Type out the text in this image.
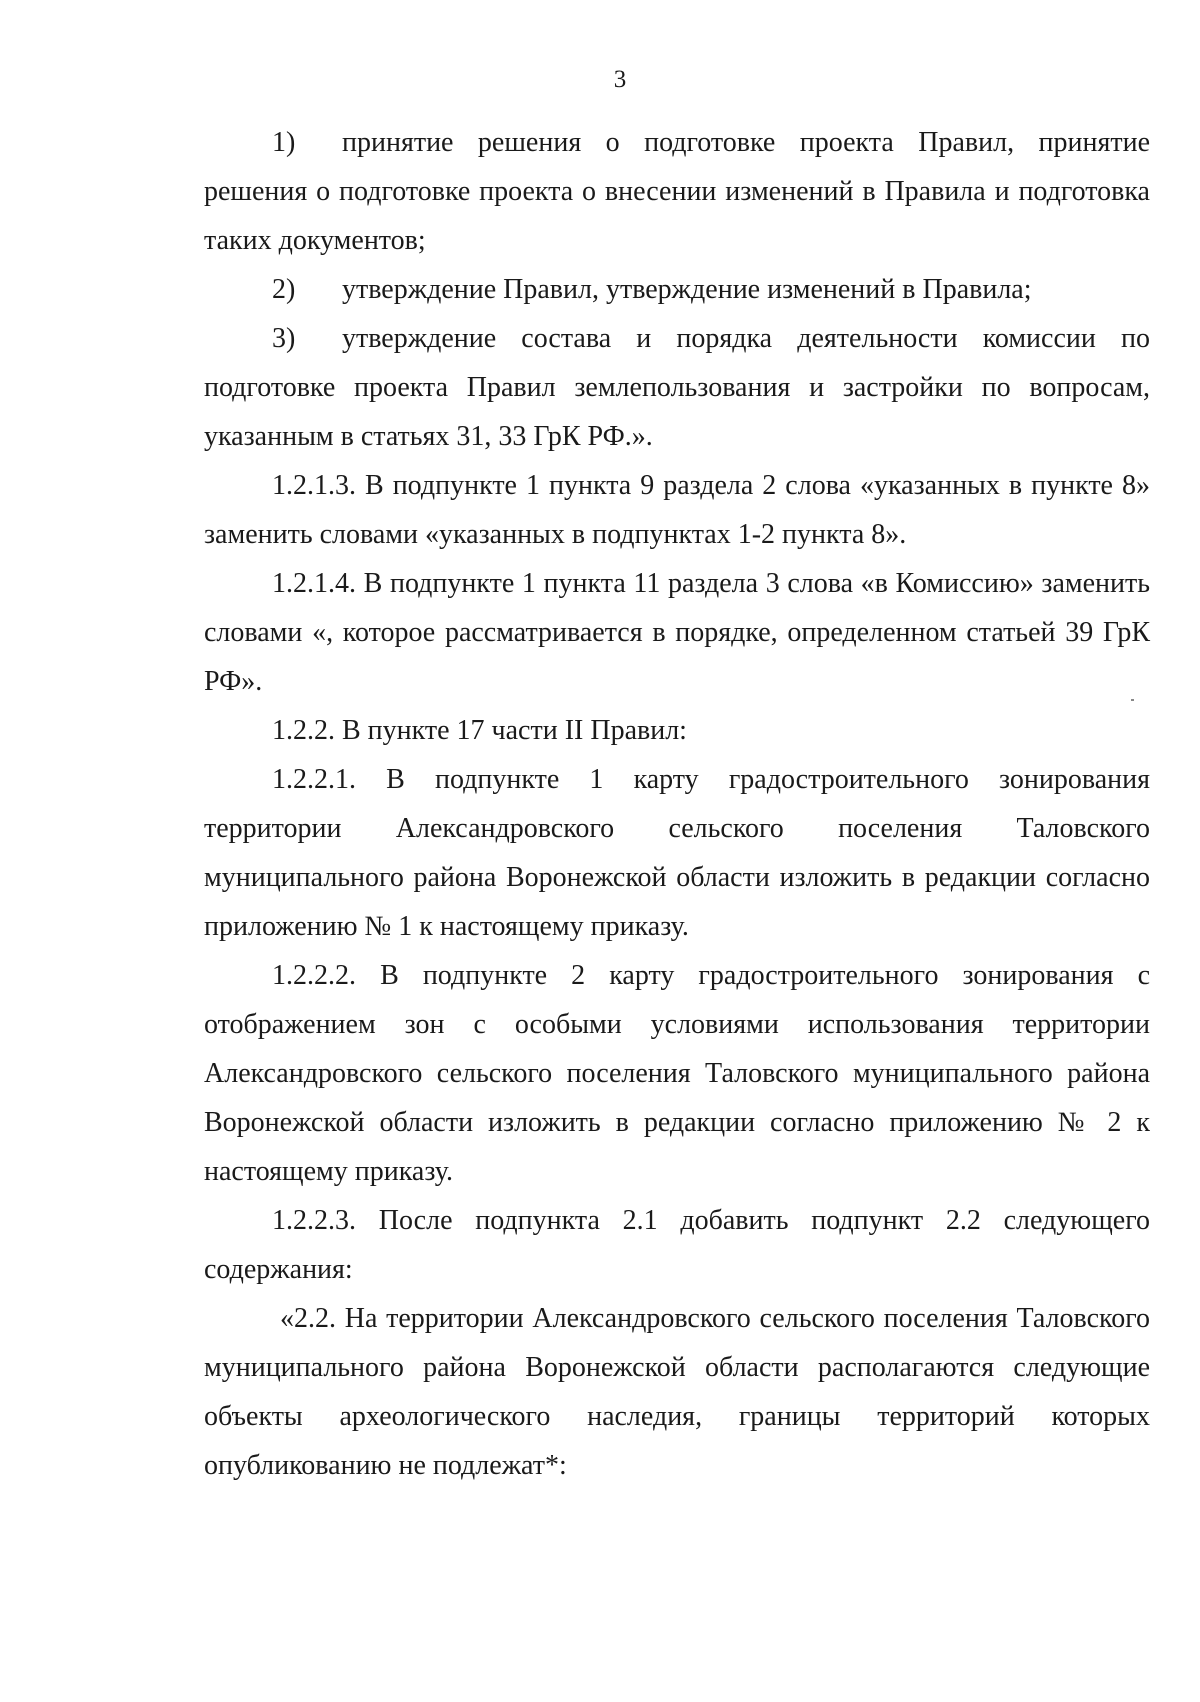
3

1) принятие решения о подготовке проекта Правил, принятие решения о подготовке проекта о внесении изменений в Правила и подготовка таких документов;

2) утверждение Правил, утверждение изменений в Правила;

3) утверждение состава и порядка деятельности комиссии по подготовке проекта Правил землепользования и застройки по вопросам, указанным в статьях 31, 33 ГрК РФ.».

1.2.1.3. В подпункте 1 пункта 9 раздела 2 слова «указанных в пункте 8» заменить словами «указанных в подпунктах 1-2 пункта 8».

1.2.1.4. В подпункте 1 пункта 11 раздела 3 слова «в Комиссию» заменить словами «, которое рассматривается в порядке, определенном статьей 39 ГрК РФ».

1.2.2. В пункте 17 части II Правил:

1.2.2.1. В подпункте 1 карту градостроительного зонирования территории Александровского сельского поселения Таловского муниципального района Воронежской области изложить в редакции согласно приложению № 1 к настоящему приказу.

1.2.2.2. В подпункте 2 карту градостроительного зонирования с отображением зон с особыми условиями использования территории Александровского сельского поселения Таловского муниципального района Воронежской области изложить в редакции согласно приложению № 2 к настоящему приказу.

1.2.2.3. После подпункта 2.1 добавить подпункт 2.2 следующего содержания:

«2.2. На территории Александровского сельского поселения Таловского муниципального района Воронежской области располагаются следующие объекты археологического наследия, границы территорий которых опубликованию не подлежат*:
